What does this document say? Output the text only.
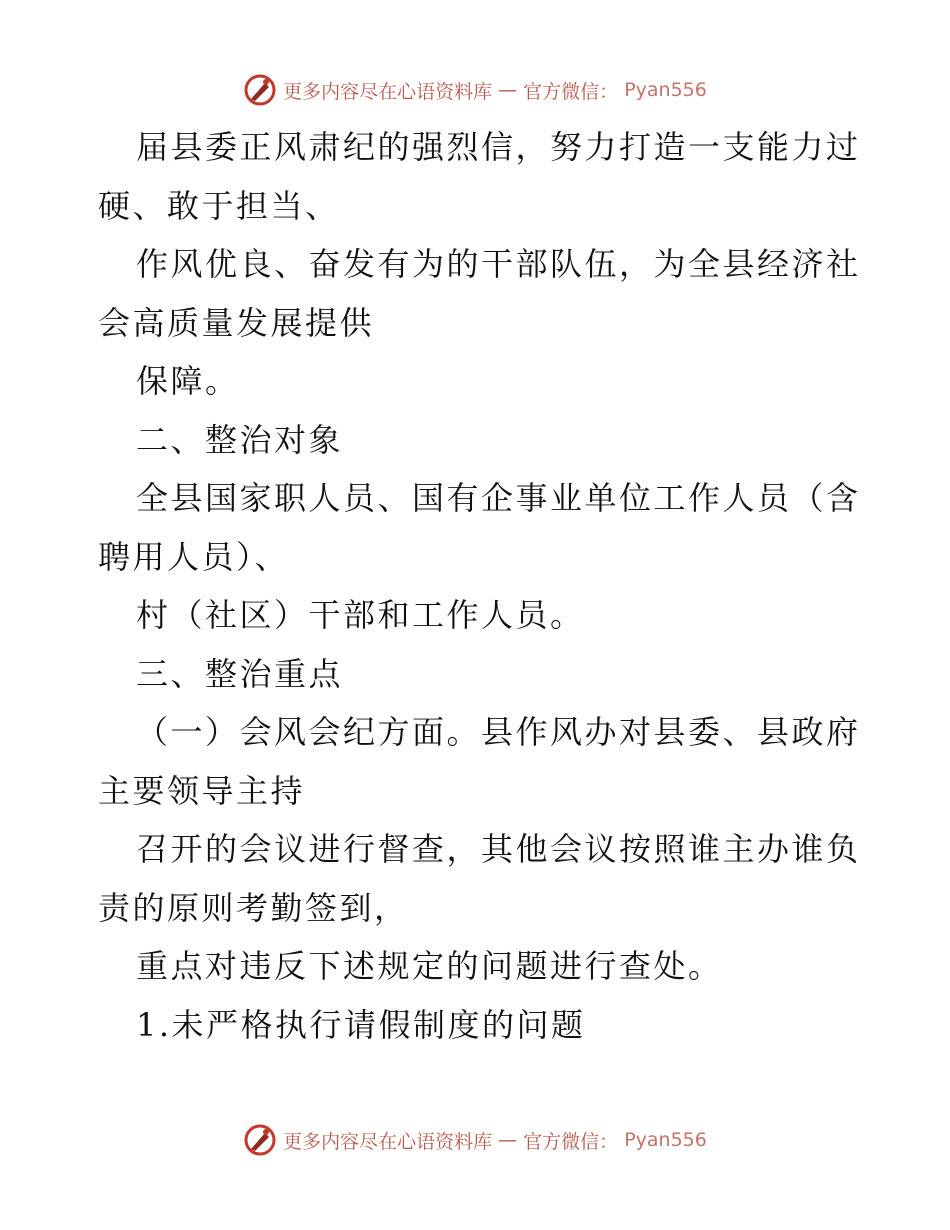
更多内容尽在心语资料库 — 官方微信： Pyan556
届县委正风肃纪的强烈信，努力打造一支能力过
硬、敢于担当、
作风优良、奋发有为的干部队伍，为全县经济社
会高质量发展提供
保障。
二、整治对象
全县国家职人员、国有企事业单位工作人员（含
聘用人员）、
村（社区）干部和工作人员。
三、整治重点
（一）会风会纪方面。县作风办对县委、县政府
主要领导主持
召开的会议进行督查，其他会议按照谁主办谁负
责的原则考勤签到，
重点对违反下述规定的问题进行查处。
1.未严格执行请假制度的问题
更多内容尽在心语资料库 — 官方微信： Pyan556
